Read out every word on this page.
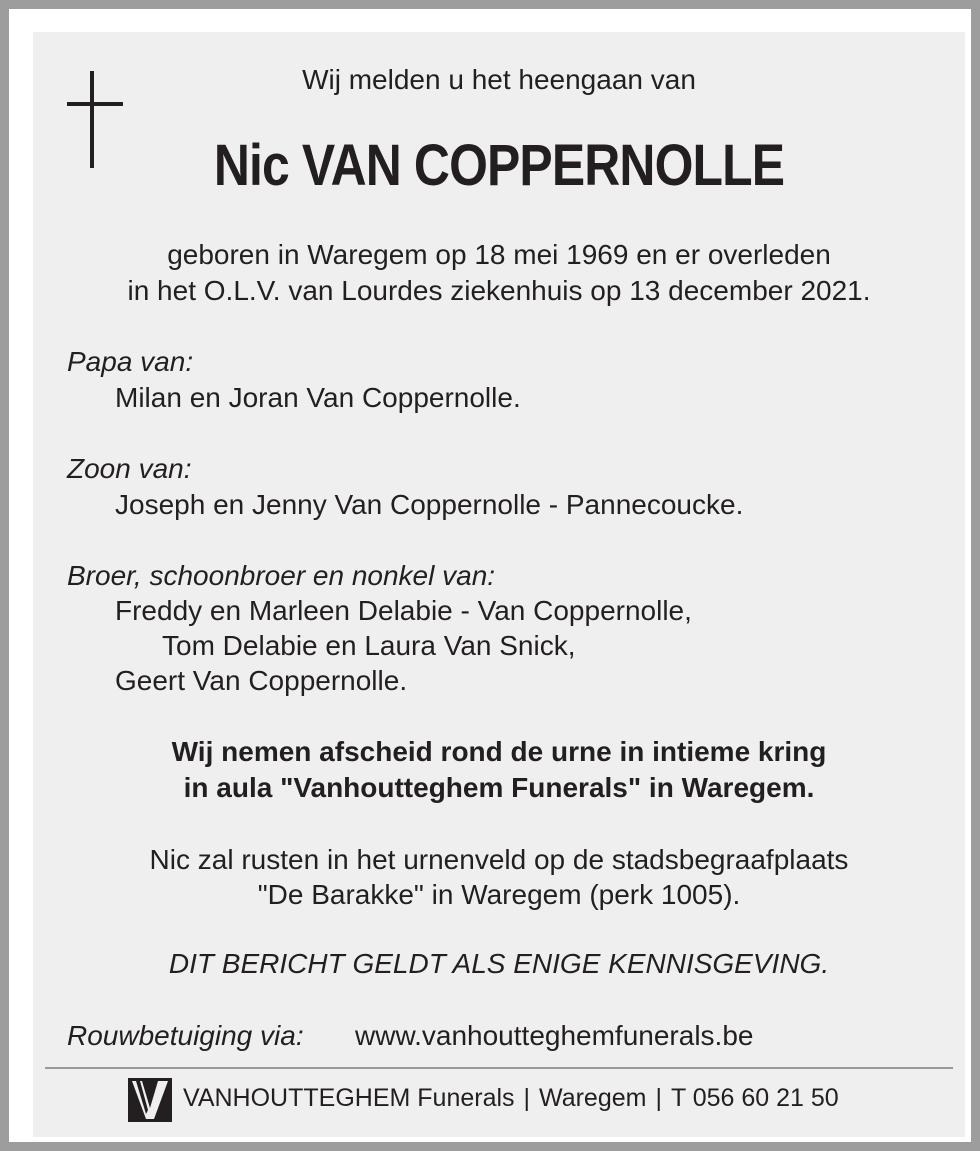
Wij melden u het heengaan van
Nic VAN COPPERNOLLE
geboren in Waregem op 18 mei 1969 en er overleden
in het O.L.V. van Lourdes ziekenhuis op 13 december 2021.
Papa van:
Milan en Joran Van Coppernolle.
Zoon van:
Joseph en Jenny Van Coppernolle - Pannecoucke.
Broer, schoonbroer en nonkel van:
Freddy en Marleen Delabie - Van Coppernolle,
Tom Delabie en Laura Van Snick,
Geert Van Coppernolle.
Wij nemen afscheid rond de urne in intieme kring
in aula "Vanhoutteghem Funerals" in Waregem.
Nic zal rusten in het urnenveld op de stadsbegraafplaats
"De Barakke" in Waregem (perk 1005).
DIT BERICHT GELDT ALS ENIGE KENNISGEVING.
Rouwbetuiging via: www.vanhoutteghemfunerals.be
VANHOUTTEGHEM Funerals | Waregem | T 056 60 21 50
